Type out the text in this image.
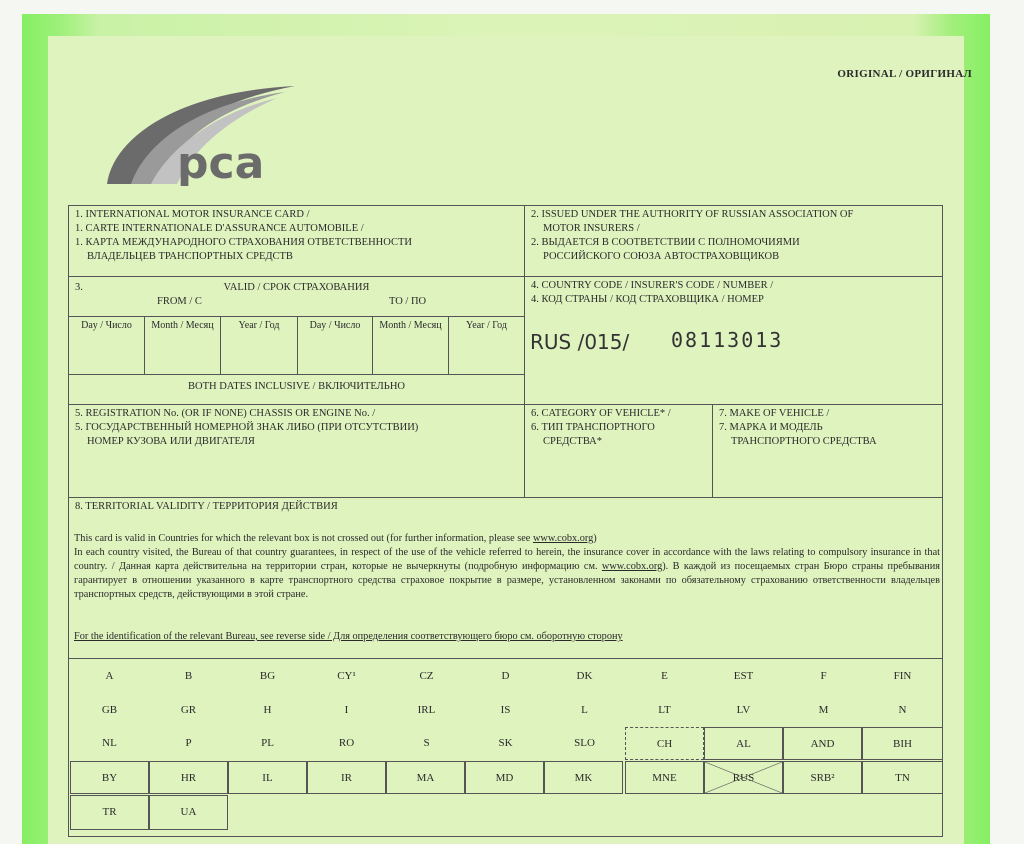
ORIGINAL / ОРИГИНАЛ
рса
1. INTERNATIONAL MOTOR INSURANCE CARD /
1. CARTE INTERNATIONALE D'ASSURANCE AUTOMOBILE /
1. КАРТА МЕЖДУНАРОДНОГО СТРАХОВАНИЯ ОТВЕТСТВЕННОСТИ
ВЛАДЕЛЬЦЕВ ТРАНСПОРТНЫХ СРЕДСТВ
2. ISSUED UNDER THE AUTHORITY OF RUSSIAN ASSOCIATION OF
MOTOR INSURERS /
2. ВЫДАЕТСЯ В СООТВЕТСТВИИ С ПОЛНОМОЧИЯМИ
РОССИЙСКОГО СОЮЗА АВТОСТРАХОВЩИКОВ
3.	VALID / СРОК СТРАХОВАНИЯ
FROM / С	TO / ПО
Day / Число	Month / Месяц	Year / Год	Day / Число	Month / Месяц	Year / Год
BOTH DATES INCLUSIVE / ВКЛЮЧИТЕЛЬНО
4. COUNTRY CODE / INSURER'S CODE / NUMBER /
4. КОД СТРАНЫ / КОД СТРАХОВЩИКА / НОМЕР
RUS /015/ 08113013
5. REGISTRATION No. (OR IF NONE) CHASSIS OR ENGINE No. /
5. ГОСУДАРСТВЕННЫЙ НОМЕРНОЙ ЗНАК ЛИБО (ПРИ ОТСУТСТВИИ)
НОМЕР КУЗОВА ИЛИ ДВИГАТЕЛЯ
6. CATEGORY OF VEHICLE* /
6. ТИП ТРАНСПОРТНОГО
СРЕДСТВА*
7. MAKE OF VEHICLE /
7. МАРКА И МОДЕЛЬ
ТРАНСПОРТНОГО СРЕДСТВА
8. TERRITORIAL VALIDITY / ТЕРРИТОРИЯ ДЕЙСТВИЯ
This card is valid in Countries for which the relevant box is not crossed out (for further information, please see www.cobx.org)
In each country visited, the Bureau of that country guarantees, in respect of the use of the vehicle referred to herein, the insurance cover in accordance with the laws relating to compulsory insurance in that country. / Данная карта действительна на территории стран, которые не вычеркнуты (подробную информацию см. www.cobx.org). В каждой из посещаемых стран Бюро страны пребывания гарантирует в отношении указанного в карте транспортного средства страховое покрытие в размере, установленном законами по обязательному страхованию ответственности владельцев транспортных средств, действующими в этой стране.
For the identification of the relevant Bureau, see reverse side / Для определения соответствующего бюро см. оборотную сторону
A	B	BG	CY¹	CZ	D	DK	E	EST	F	FIN
GB	GR	H	I	IRL	IS	L	LT	LV	M	N
NL	P	PL	RO	S	SK	SLO	CH	AL	AND	BIH
BY	HR	IL	IR	MA	MD	MK	MNE	RUS	SRB²	TN
TR	UA
